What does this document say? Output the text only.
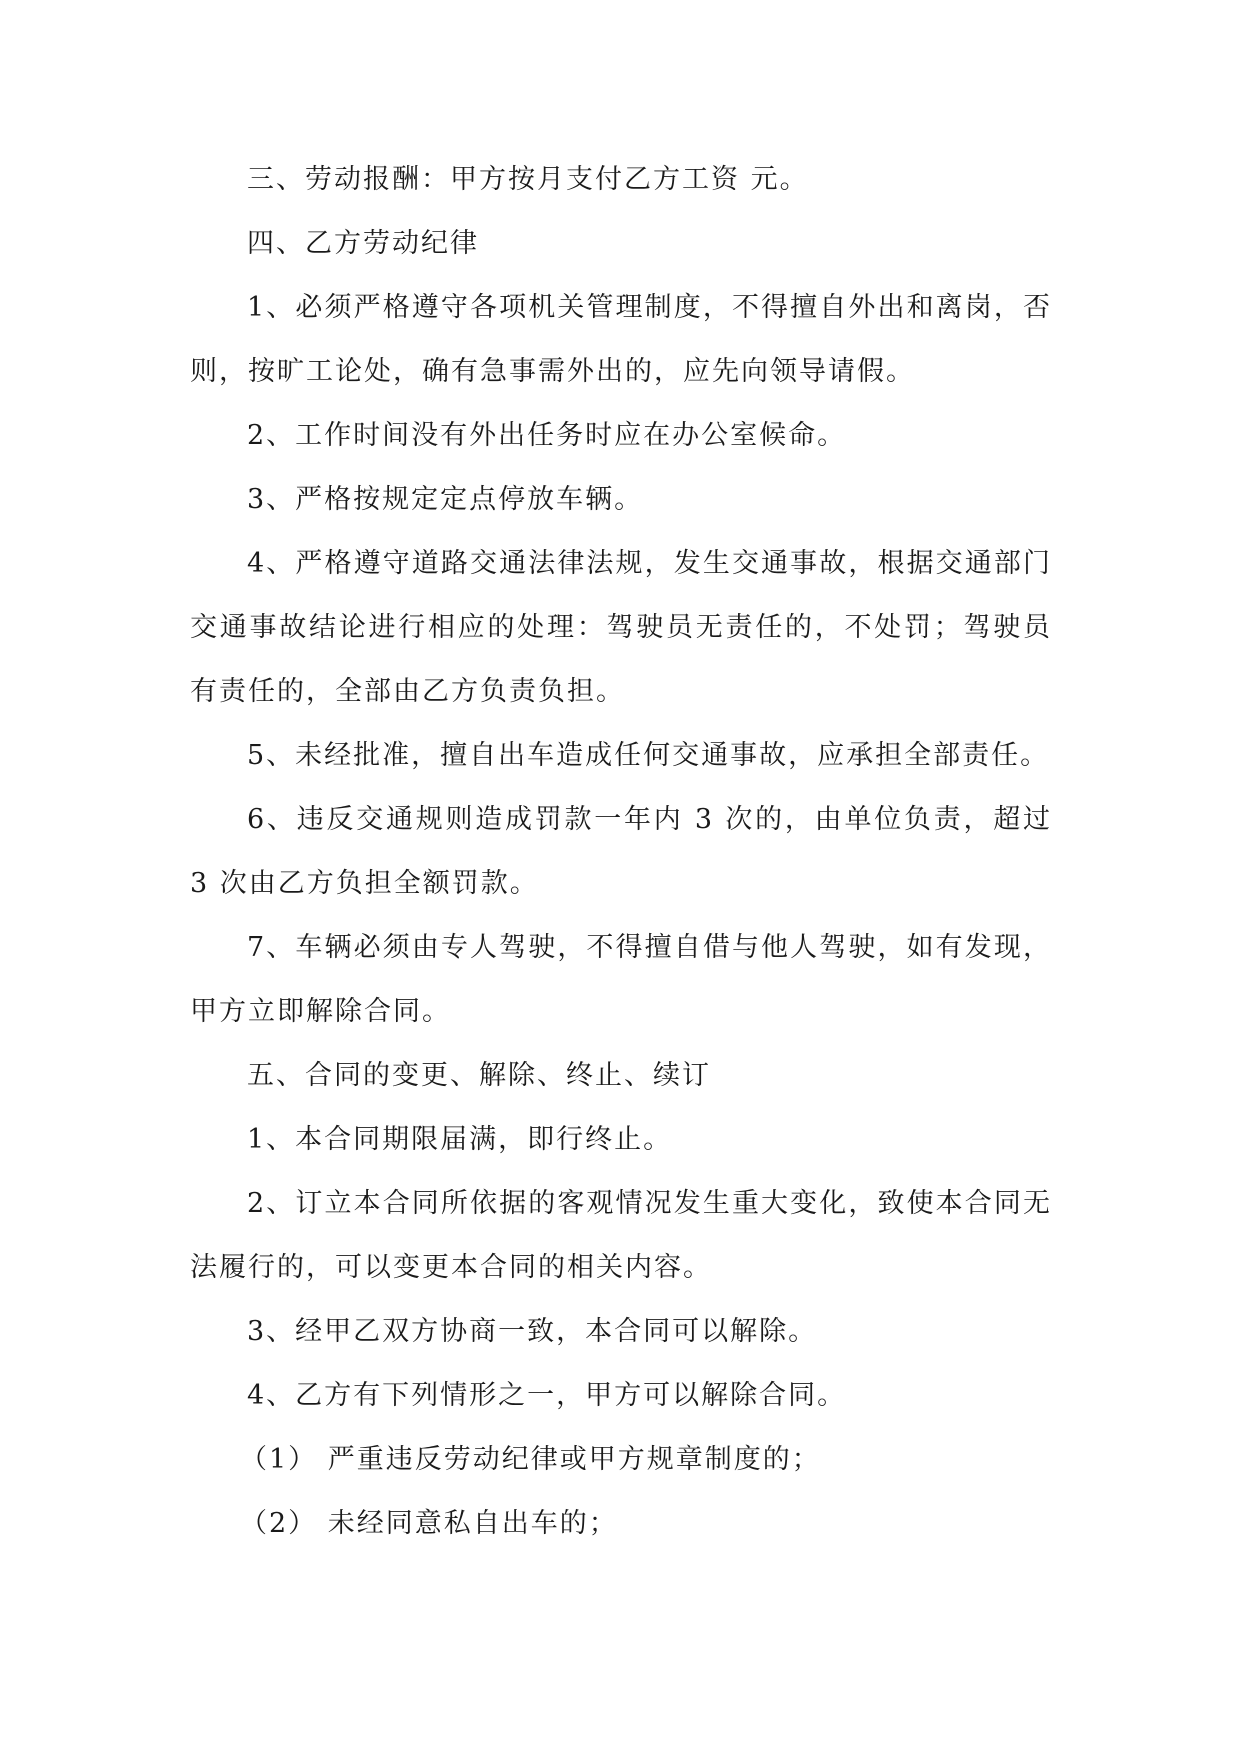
三、劳动报酬：甲方按月支付乙方工资 元。

四、乙方劳动纪律

1、必须严格遵守各项机关管理制度，不得擅自外出和离岗，否则，按旷工论处，确有急事需外出的，应先向领导请假。

2、工作时间没有外出任务时应在办公室候命。

3、严格按规定定点停放车辆。

4、严格遵守道路交通法律法规，发生交通事故，根据交通部门交通事故结论进行相应的处理：驾驶员无责任的，不处罚；驾驶员有责任的，全部由乙方负责负担。

5、未经批准，擅自出车造成任何交通事故，应承担全部责任。

6、违反交通规则造成罚款一年内 3 次的，由单位负责，超过 3 次由乙方负担全额罚款。

7、车辆必须由专人驾驶，不得擅自借与他人驾驶，如有发现，甲方立即解除合同。

五、合同的变更、解除、终止、续订

1、本合同期限届满，即行终止。

2、订立本合同所依据的客观情况发生重大变化，致使本合同无法履行的，可以变更本合同的相关内容。

3、经甲乙双方协商一致，本合同可以解除。

4、乙方有下列情形之一，甲方可以解除合同。

（1） 严重违反劳动纪律或甲方规章制度的；

（2） 未经同意私自出车的；
